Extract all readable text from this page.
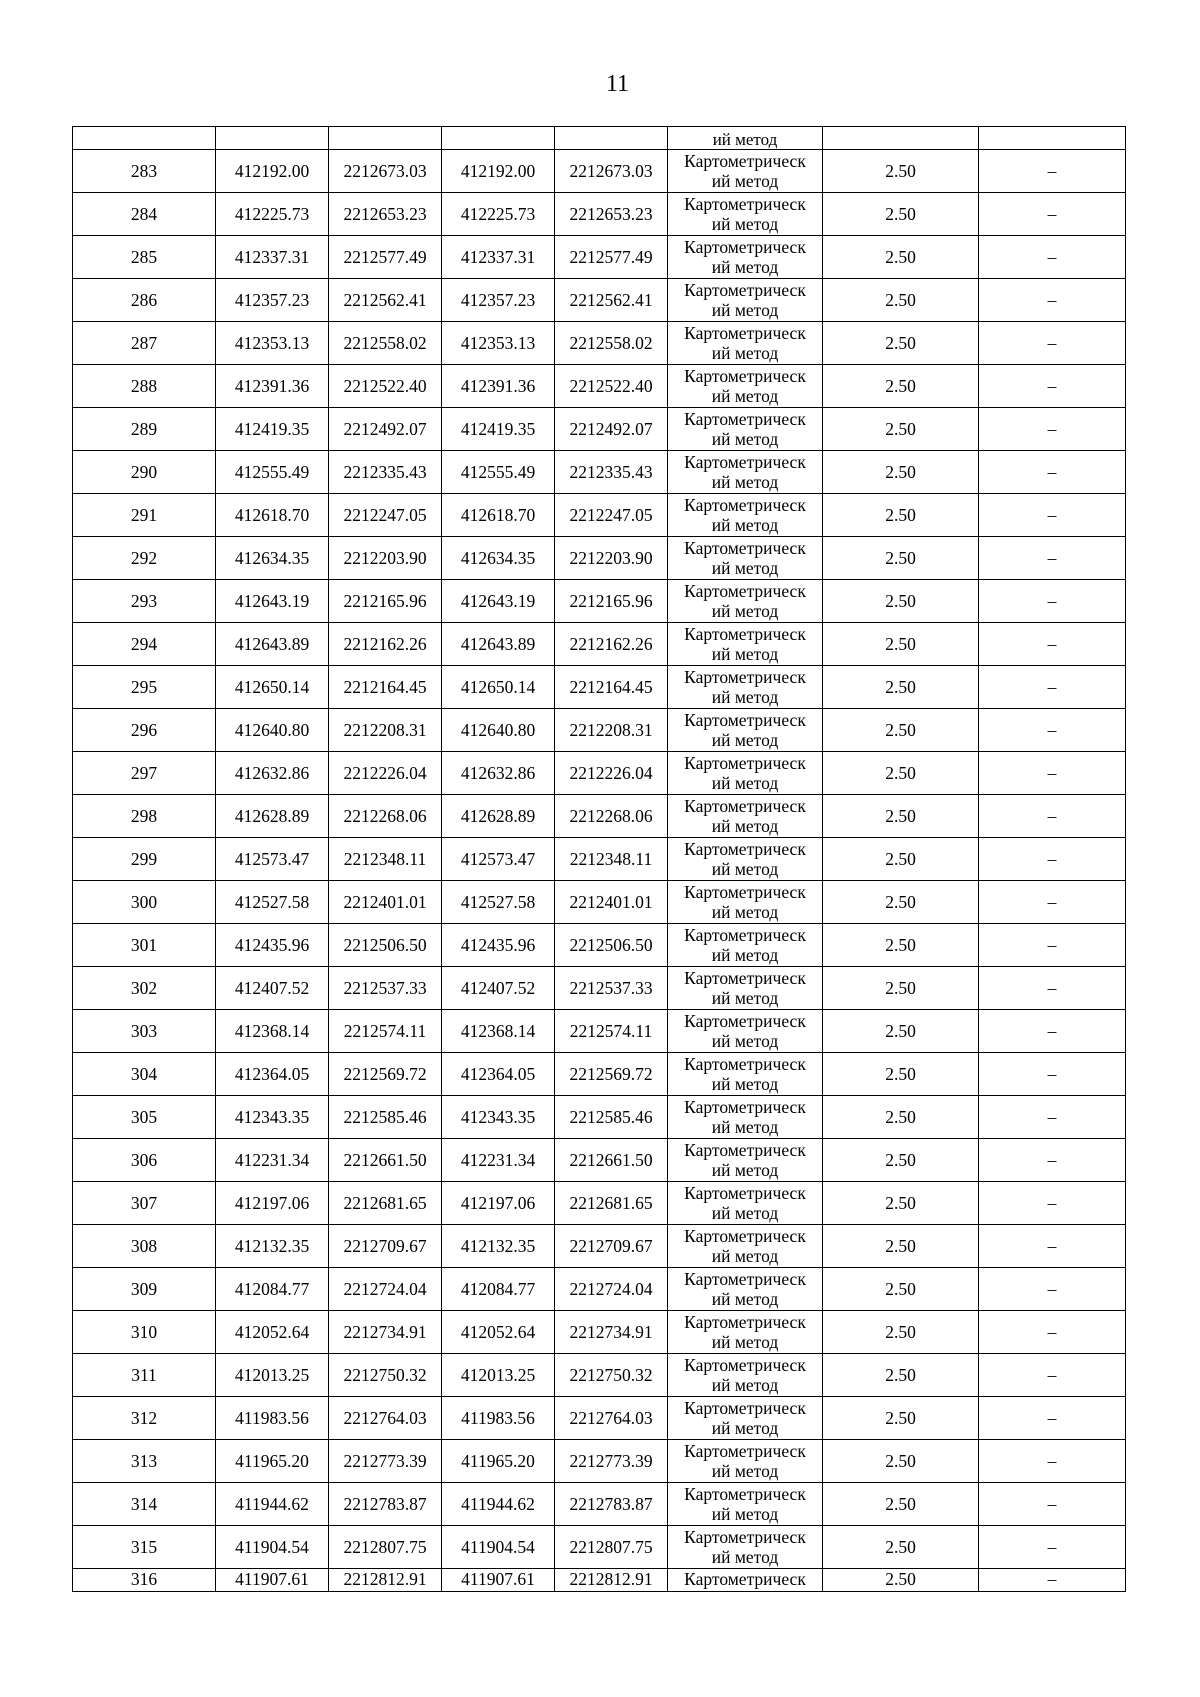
11
					ий метод		
283	412192.00	2212673.03	412192.00	2212673.03	Картометрическ
ий метод	2.50	–
284	412225.73	2212653.23	412225.73	2212653.23	Картометрическ
ий метод	2.50	–
285	412337.31	2212577.49	412337.31	2212577.49	Картометрическ
ий метод	2.50	–
286	412357.23	2212562.41	412357.23	2212562.41	Картометрическ
ий метод	2.50	–
287	412353.13	2212558.02	412353.13	2212558.02	Картометрическ
ий метод	2.50	–
288	412391.36	2212522.40	412391.36	2212522.40	Картометрическ
ий метод	2.50	–
289	412419.35	2212492.07	412419.35	2212492.07	Картометрическ
ий метод	2.50	–
290	412555.49	2212335.43	412555.49	2212335.43	Картометрическ
ий метод	2.50	–
291	412618.70	2212247.05	412618.70	2212247.05	Картометрическ
ий метод	2.50	–
292	412634.35	2212203.90	412634.35	2212203.90	Картометрическ
ий метод	2.50	–
293	412643.19	2212165.96	412643.19	2212165.96	Картометрическ
ий метод	2.50	–
294	412643.89	2212162.26	412643.89	2212162.26	Картометрическ
ий метод	2.50	–
295	412650.14	2212164.45	412650.14	2212164.45	Картометрическ
ий метод	2.50	–
296	412640.80	2212208.31	412640.80	2212208.31	Картометрическ
ий метод	2.50	–
297	412632.86	2212226.04	412632.86	2212226.04	Картометрическ
ий метод	2.50	–
298	412628.89	2212268.06	412628.89	2212268.06	Картометрическ
ий метод	2.50	–
299	412573.47	2212348.11	412573.47	2212348.11	Картометрическ
ий метод	2.50	–
300	412527.58	2212401.01	412527.58	2212401.01	Картометрическ
ий метод	2.50	–
301	412435.96	2212506.50	412435.96	2212506.50	Картометрическ
ий метод	2.50	–
302	412407.52	2212537.33	412407.52	2212537.33	Картометрическ
ий метод	2.50	–
303	412368.14	2212574.11	412368.14	2212574.11	Картометрическ
ий метод	2.50	–
304	412364.05	2212569.72	412364.05	2212569.72	Картометрическ
ий метод	2.50	–
305	412343.35	2212585.46	412343.35	2212585.46	Картометрическ
ий метод	2.50	–
306	412231.34	2212661.50	412231.34	2212661.50	Картометрическ
ий метод	2.50	–
307	412197.06	2212681.65	412197.06	2212681.65	Картометрическ
ий метод	2.50	–
308	412132.35	2212709.67	412132.35	2212709.67	Картометрическ
ий метод	2.50	–
309	412084.77	2212724.04	412084.77	2212724.04	Картометрическ
ий метод	2.50	–
310	412052.64	2212734.91	412052.64	2212734.91	Картометрическ
ий метод	2.50	–
311	412013.25	2212750.32	412013.25	2212750.32	Картометрическ
ий метод	2.50	–
312	411983.56	2212764.03	411983.56	2212764.03	Картометрическ
ий метод	2.50	–
313	411965.20	2212773.39	411965.20	2212773.39	Картометрическ
ий метод	2.50	–
314	411944.62	2212783.87	411944.62	2212783.87	Картометрическ
ий метод	2.50	–
315	411904.54	2212807.75	411904.54	2212807.75	Картометрическ
ий метод	2.50	–
316	411907.61	2212812.91	411907.61	2212812.91	Картометрическ	2.50	–
